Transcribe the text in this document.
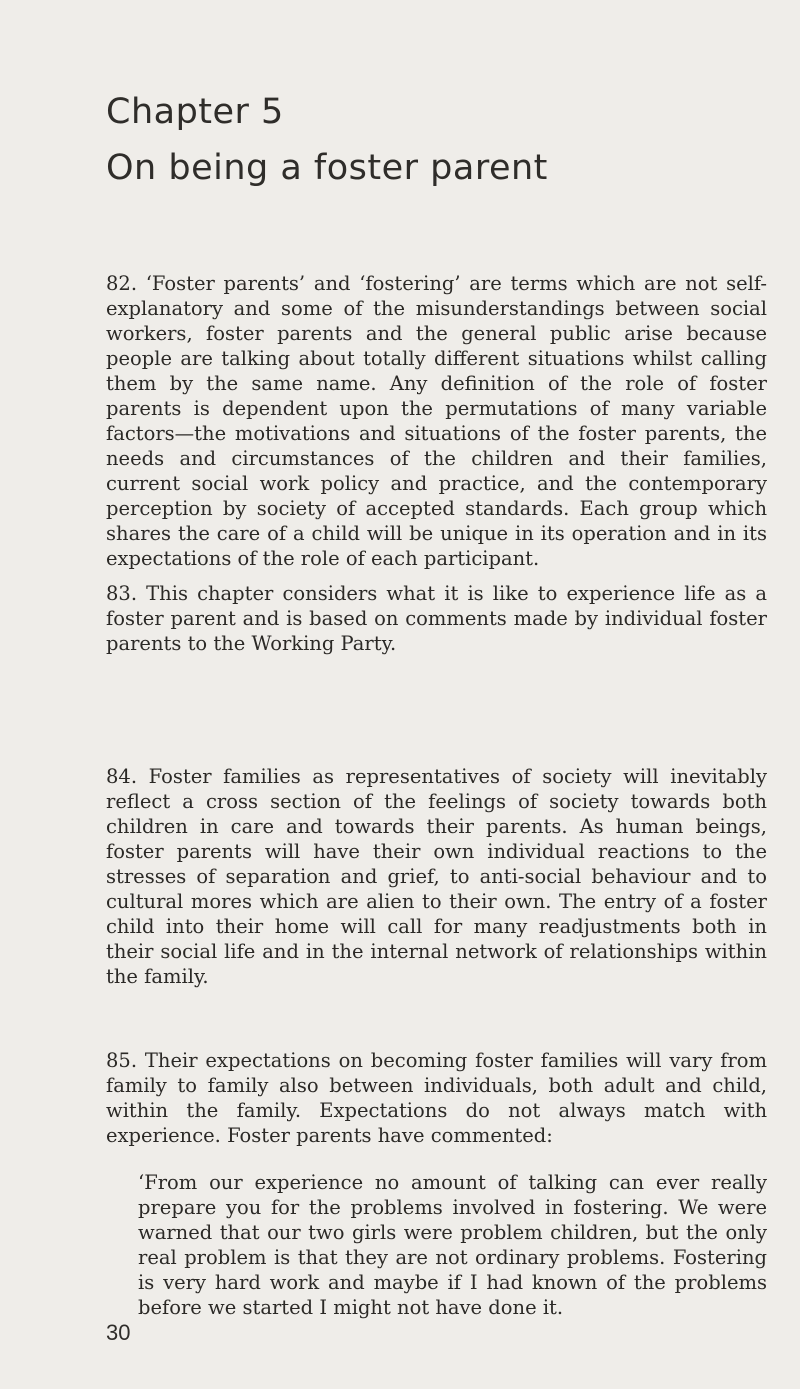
Chapter 5
On being a foster parent

82. ‘Foster parents’ and ‘fostering’ are terms which are not self-explanatory and some of the misunderstandings between social workers, foster parents and the general public arise because people are talking about totally different situations whilst calling them by the same name. Any definition of the role of foster parents is dependent upon the permutations of many variable factors—the motivations and situations of the foster parents, the needs and circumstances of the children and their families, current social work policy and practice, and the contemporary perception by society of accepted standards. Each group which shares the care of a child will be unique in its operation and in its expectations of the role of each participant.

83. This chapter considers what it is like to experience life as a foster parent and is based on comments made by individual foster parents to the Working Party.

84. Foster families as representatives of society will inevitably reflect a cross section of the feelings of society towards both children in care and towards their parents. As human beings, foster parents will have their own individual reactions to the stresses of separation and grief, to anti-social behaviour and to cultural mores which are alien to their own. The entry of a foster child into their home will call for many readjustments both in their social life and in the internal network of relationships within the family.

85. Their expectations on becoming foster families will vary from family to family also between individuals, both adult and child, within the family. Expectations do not always match with experience. Foster parents have commented:

‘From our experience no amount of talking can ever really prepare you for the problems involved in fostering. We were warned that our two girls were problem children, but the only real problem is that they are not ordinary problems. Fostering is very hard work and maybe if I had known of the problems before we started I might not have done it.

30
